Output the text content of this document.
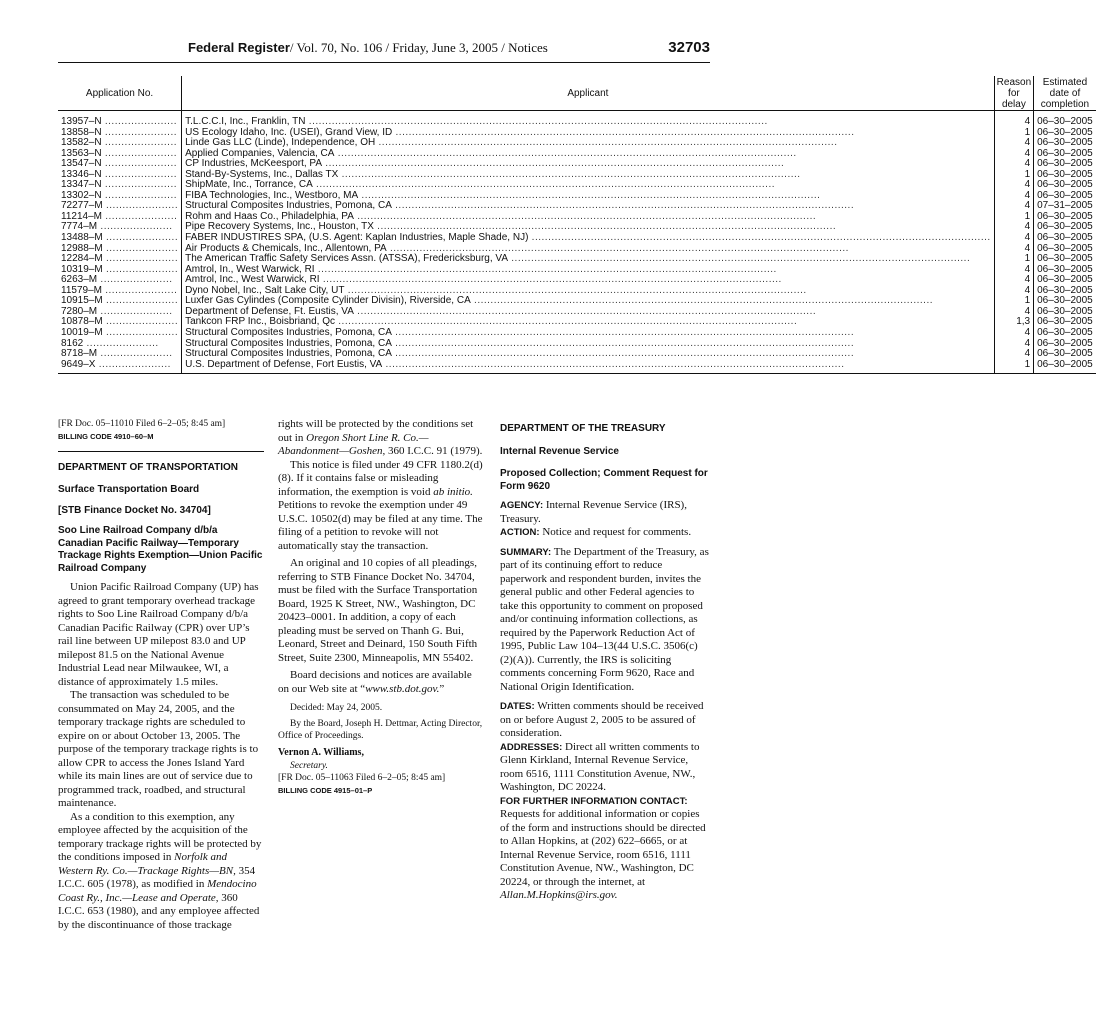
Federal Register/ Vol. 70, No. 106 / Friday, June 3, 2005 / Notices	32703
Application No.	Applicant	Reason for delay	Estimated date of completion
13957–N ......................	T.L.C.C.I, Inc., Franklin, TN ............................................................................................................................................	4	06–30–2005
13858–N ......................	US Ecology Idaho, Inc. (USEI), Grand View, ID ............................................................................................................................................	1	06–30–2005
13582–N ......................	Linde Gas LLC (Linde), Independence, OH ............................................................................................................................................	4	06–30–2005
13563–N ......................	Applied Companies, Valencia, CA ............................................................................................................................................	4	06–30–2005
13547–N ......................	CP Industries, McKeesport, PA ............................................................................................................................................	4	06–30–2005
13346–N ......................	Stand-By-Systems, Inc., Dallas TX ............................................................................................................................................	1	06–30–2005
13347–N ......................	ShipMate, Inc., Torrance, CA ............................................................................................................................................	4	06–30–2005
13302–N ......................	FIBA Technologies, Inc., Westboro, MA ............................................................................................................................................	4	06–30–2005
72277–M ......................	Structural Composites Industries, Pomona, CA ............................................................................................................................................	4	07–31–2005
11214–M ......................	Rohm and Haas Co., Philadelphia, PA ............................................................................................................................................	1	06–30–2005
7774–M ......................	Pipe Recovery Systems, Inc., Houston, TX ............................................................................................................................................	4	06–30–2005
13488–M ......................	FABER INDUSTIRES SPA, (U.S. Agent: Kaplan Industries, Maple Shade, NJ) ............................................................................................................................................	4	06–30–2005
12988–M ......................	Air Products & Chemicals, Inc., Allentown, PA ............................................................................................................................................	4	06–30–2005
12284–M ......................	The American Traffic Safety Services Assn. (ATSSA), Fredericksburg, VA ............................................................................................................................................	1	06–30–2005
10319–M ......................	Amtrol, In., West Warwick, RI ............................................................................................................................................	4	06–30–2005
6263–M ......................	Amtrol, Inc., West Warwick, RI ............................................................................................................................................	4	06–30–2005
11579–M ......................	Dyno Nobel, Inc., Salt Lake City, UT ............................................................................................................................................	4	06–30–2005
10915–M ......................	Luxfer Gas Cylindes (Composite Cylinder Divisin), Riverside, CA ............................................................................................................................................	1	06–30–2005
7280–M ......................	Department of Defense, Ft. Eustis, VA ............................................................................................................................................	4	06–30–2005
10878–M ......................	Tankcon FRP Inc., Boisbriand, Qc ............................................................................................................................................	1,3	06–30–2005
10019–M ......................	Structural Composites Industries, Pomona, CA ............................................................................................................................................	4	06–30–2005
8162 ......................	Structural Composites Industries, Pomona, CA ............................................................................................................................................	4	06–30–2005
8718–M ......................	Structural Composites Industries, Pomona, CA ............................................................................................................................................	4	06–30–2005
9649–X ......................	U.S. Department of Defense, Fort Eustis, VA ............................................................................................................................................	1	06–30–2005

[FR Doc. 05–11010 Filed 6–2–05; 8:45 am]

BILLING CODE 4910–60–M

DEPARTMENT OF TRANSPORTATION

Surface Transportation Board

[STB Finance Docket No. 34704]

Soo Line Railroad Company d/b/a Canadian Pacific Railway—Temporary Trackage Rights Exemption—Union Pacific Railroad Company

Union Pacific Railroad Company (UP) has agreed to grant temporary overhead trackage rights to Soo Line Railroad Company d/b/a Canadian Pacific Railway (CPR) over UP’s rail line between UP milepost 83.0 and UP milepost 81.5 on the National Avenue Industrial Lead near Milwaukee, WI, a distance of approximately 1.5 miles.

The transaction was scheduled to be consummated on May 24, 2005, and the temporary trackage rights are scheduled to expire on or about October 13, 2005. The purpose of the temporary trackage rights is to allow CPR to access the Jones Island Yard while its main lines are out of service due to programmed track, roadbed, and structural maintenance.

As a condition to this exemption, any employee affected by the acquisition of the temporary trackage rights will be protected by the conditions imposed in Norfolk and Western Ry. Co.—Trackage Rights—BN, 354 I.C.C. 605 (1978), as modified in Mendocino Coast Ry., Inc.—Lease and Operate, 360 I.C.C. 653 (1980), and any employee affected by the discontinuance of those trackage

rights will be protected by the conditions set out in Oregon Short Line R. Co.—Abandonment—Goshen, 360 I.C.C. 91 (1979).

This notice is filed under 49 CFR 1180.2(d)(8). If it contains false or misleading information, the exemption is void ab initio. Petitions to revoke the exemption under 49 U.S.C. 10502(d) may be filed at any time. The filing of a petition to revoke will not automatically stay the transaction.

An original and 10 copies of all pleadings, referring to STB Finance Docket No. 34704, must be filed with the Surface Transportation Board, 1925 K Street, NW., Washington, DC 20423–0001. In addition, a copy of each pleading must be served on Thanh G. Bui, Leonard, Street and Deinard, 150 South Fifth Street, Suite 2300, Minneapolis, MN 55402.

Board decisions and notices are available on our Web site at “www.stb.dot.gov.”

Decided: May 24, 2005.

By the Board, Joseph H. Dettmar, Acting Director, Office of Proceedings.

Vernon A. Williams,

Secretary.

[FR Doc. 05–11063 Filed 6–2–05; 8:45 am]

BILLING CODE 4915–01–P

DEPARTMENT OF THE TREASURY

Internal Revenue Service

Proposed Collection; Comment Request for Form 9620

AGENCY: Internal Revenue Service (IRS), Treasury.

ACTION: Notice and request for comments.

SUMMARY: The Department of the Treasury, as part of its continuing effort to reduce paperwork and respondent burden, invites the general public and other Federal agencies to take this opportunity to comment on proposed and/or continuing information collections, as required by the Paperwork Reduction Act of 1995, Public Law 104–13(44 U.S.C. 3506(c)(2)(A)). Currently, the IRS is soliciting comments concerning Form 9620, Race and National Origin Identification.

DATES: Written comments should be received on or before August 2, 2005 to be assured of consideration.

ADDRESSES: Direct all written comments to Glenn Kirkland, Internal Revenue Service, room 6516, 1111 Constitution Avenue, NW., Washington, DC 20224.

FOR FURTHER INFORMATION CONTACT:
Requests for additional information or copies of the form and instructions should be directed to Allan Hopkins, at (202) 622–6665, or at Internal Revenue Service, room 6516, 1111 Constitution Avenue, NW., Washington, DC 20224, or through the internet, at Allan.M.Hopkins@irs.gov.
